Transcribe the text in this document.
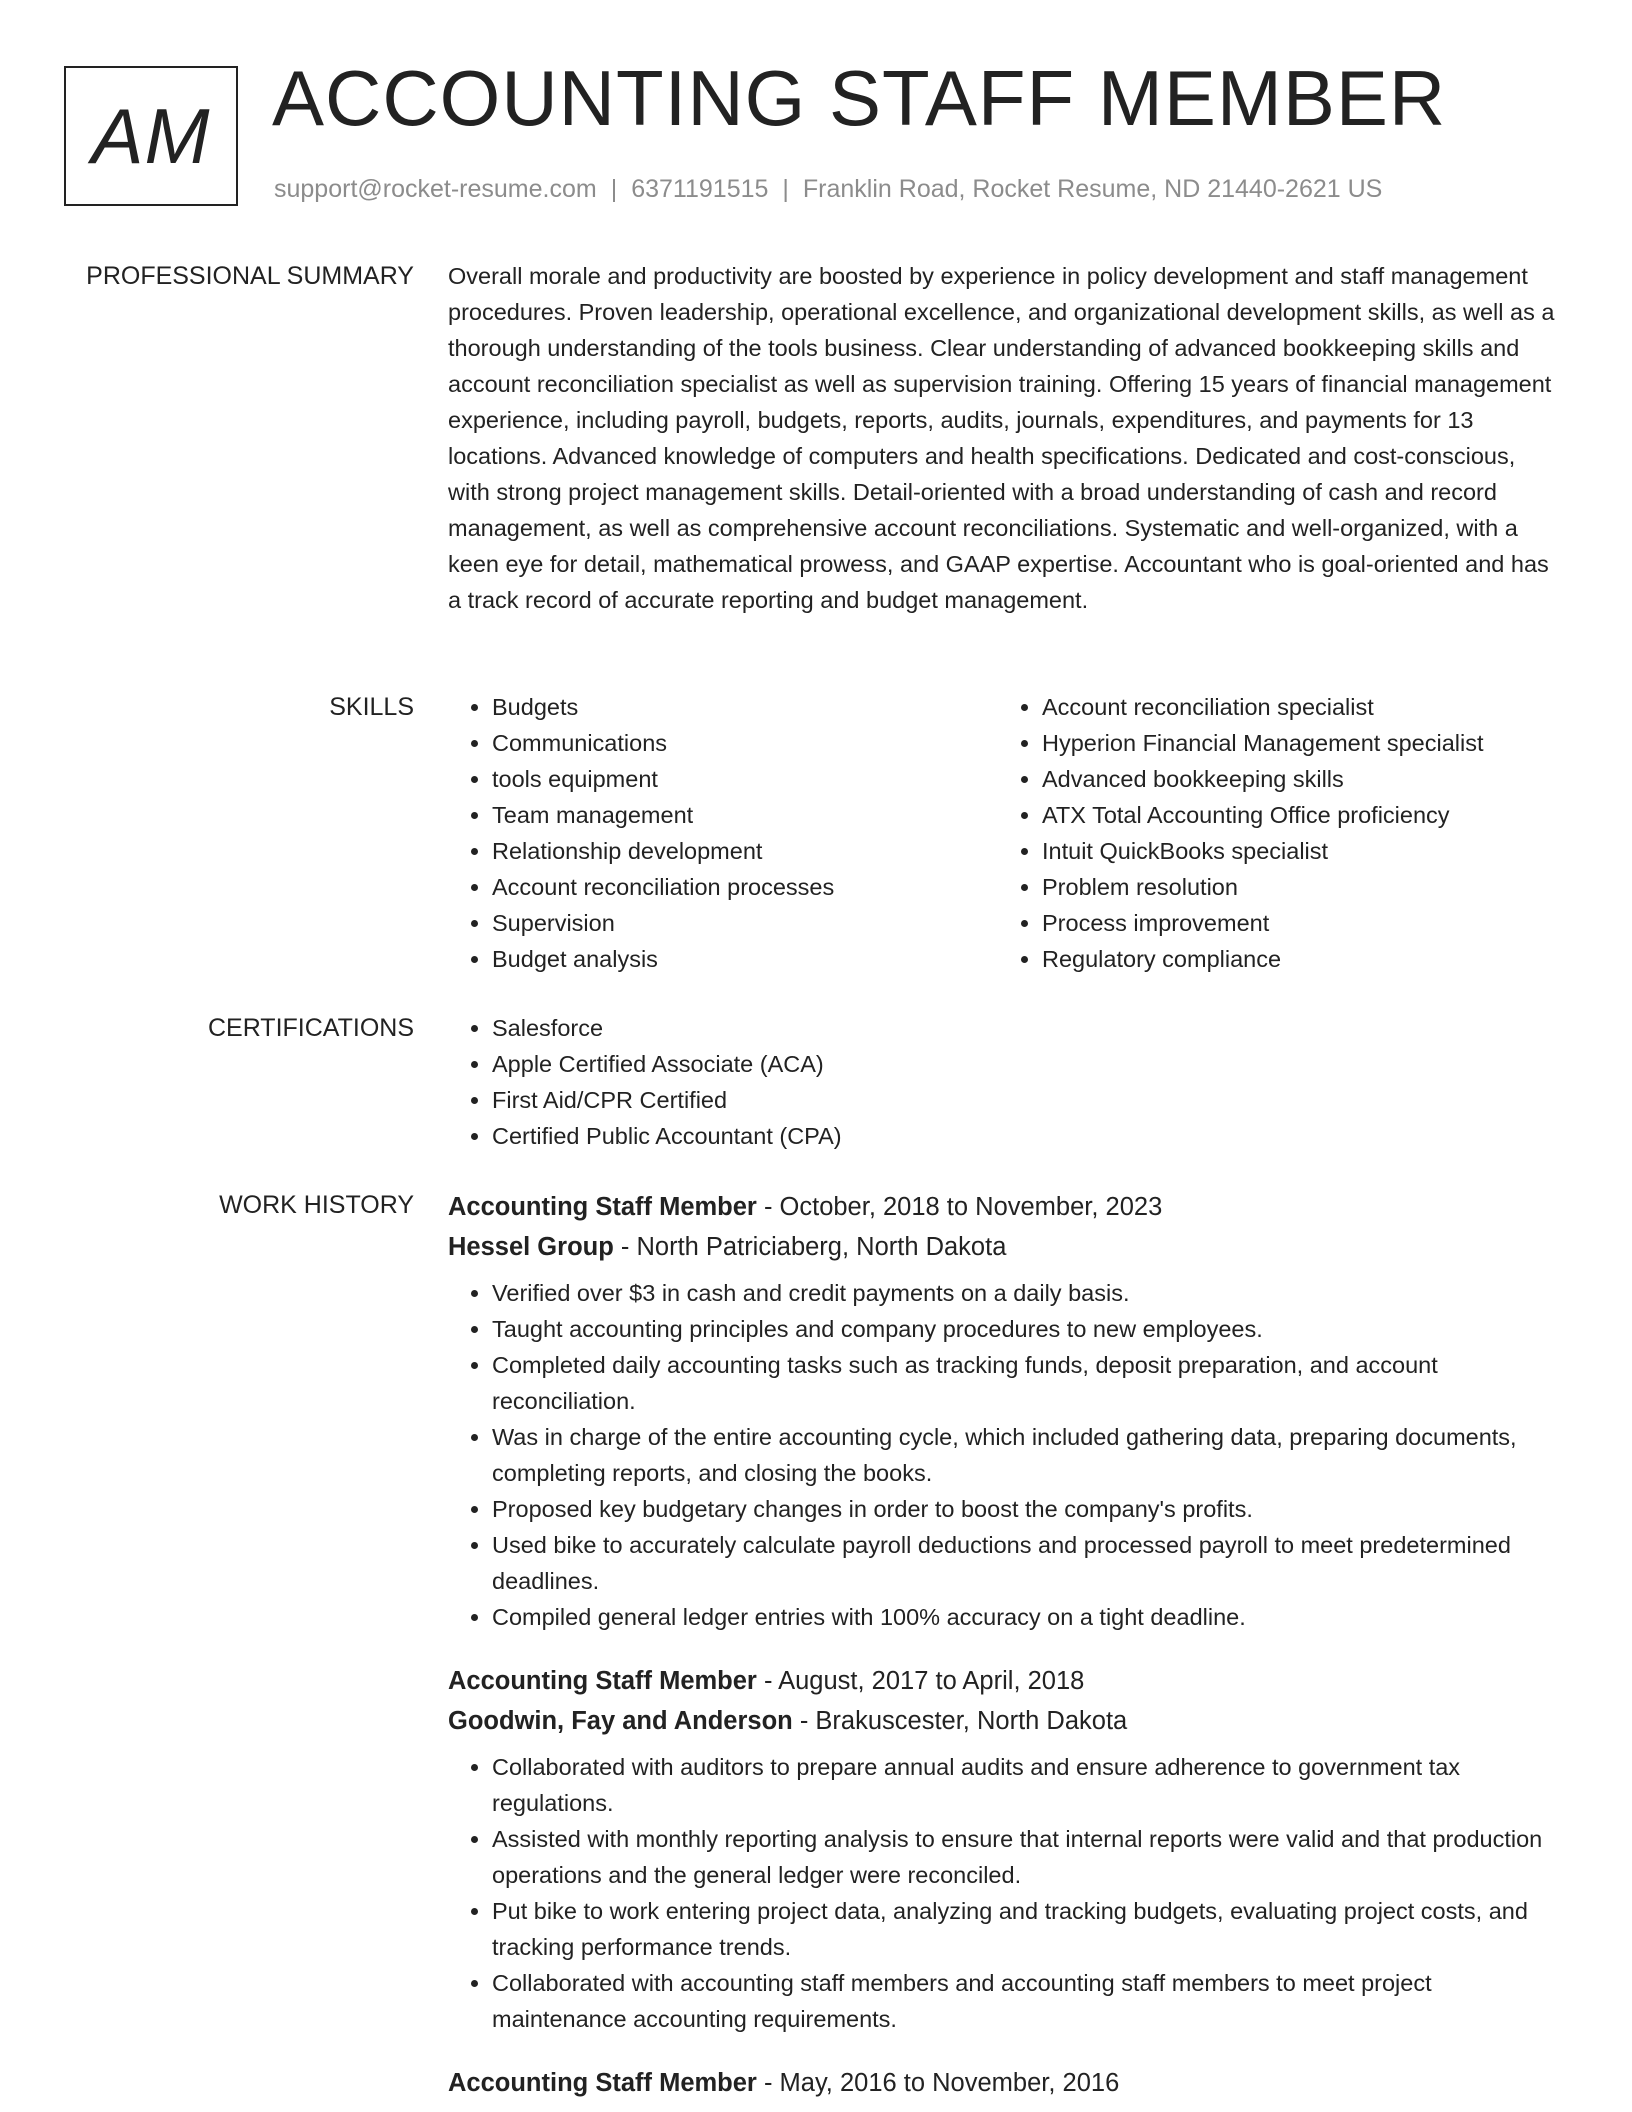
AM ACCOUNTING STAFF MEMBER
support@rocket-resume.com | 6371191515 | Franklin Road, Rocket Resume, ND 21440-2621 US
PROFESSIONAL SUMMARY Overall morale and productivity are boosted by experience in policy development and staff management procedures. Proven leadership, operational excellence, and organizational development skills, as well as a thorough understanding of the tools business. Clear understanding of advanced bookkeeping skills and account reconciliation specialist as well as supervision training. Offering 15 years of financial management experience, including payroll, budgets, reports, audits, journals, expenditures, and payments for 13 locations. Advanced knowledge of computers and health specifications. Dedicated and cost-conscious, with strong project management skills. Detail-oriented with a broad understanding of cash and record management, as well as comprehensive account reconciliations. Systematic and well-organized, with a keen eye for detail, mathematical prowess, and GAAP expertise. Accountant who is goal-oriented and has a track record of accurate reporting and budget management.

SKILLS	• Budgets
• Communications
• tools equipment
• Team management
• Relationship development
• Account reconciliation processes
• Supervision
• Budget analysis
• Account reconciliation specialist
• Hyperion Financial Management specialist
• Advanced bookkeeping skills
• ATX Total Accounting Office proficiency
• Intuit QuickBooks specialist
• Problem resolution
• Process improvement
• Regulatory compliance
CERTIFICATIONS	• Salesforce
• Apple Certified Associate (ACA)
• First Aid/CPR Certified
• Certified Public Accountant (CPA)
WORK HISTORY Accounting Staff Member - October, 2018 to November, 2023
Hessel Group - North Patriciaberg, North Dakota
• Verified over $3 in cash and credit payments on a daily basis.
• Taught accounting principles and company procedures to new employees.
• Completed daily accounting tasks such as tracking funds, deposit preparation, and account reconciliation.
• Was in charge of the entire accounting cycle, which included gathering data, preparing documents, completing reports, and closing the books.
• Proposed key budgetary changes in order to boost the company's profits.
• Used bike to accurately calculate payroll deductions and processed payroll to meet predetermined deadlines.
• Compiled general ledger entries with 100% accuracy on a tight deadline.
Accounting Staff Member - August, 2017 to April, 2018
Goodwin, Fay and Anderson - Brakuscester, North Dakota
• Collaborated with auditors to prepare annual audits and ensure adherence to government tax regulations.
• Assisted with monthly reporting analysis to ensure that internal reports were valid and that production operations and the general ledger were reconciled.
• Put bike to work entering project data, analyzing and tracking budgets, evaluating project costs, and tracking performance trends.
• Collaborated with accounting staff members and accounting staff members to meet project maintenance accounting requirements.
Accounting Staff Member - May, 2016 to November, 2016
